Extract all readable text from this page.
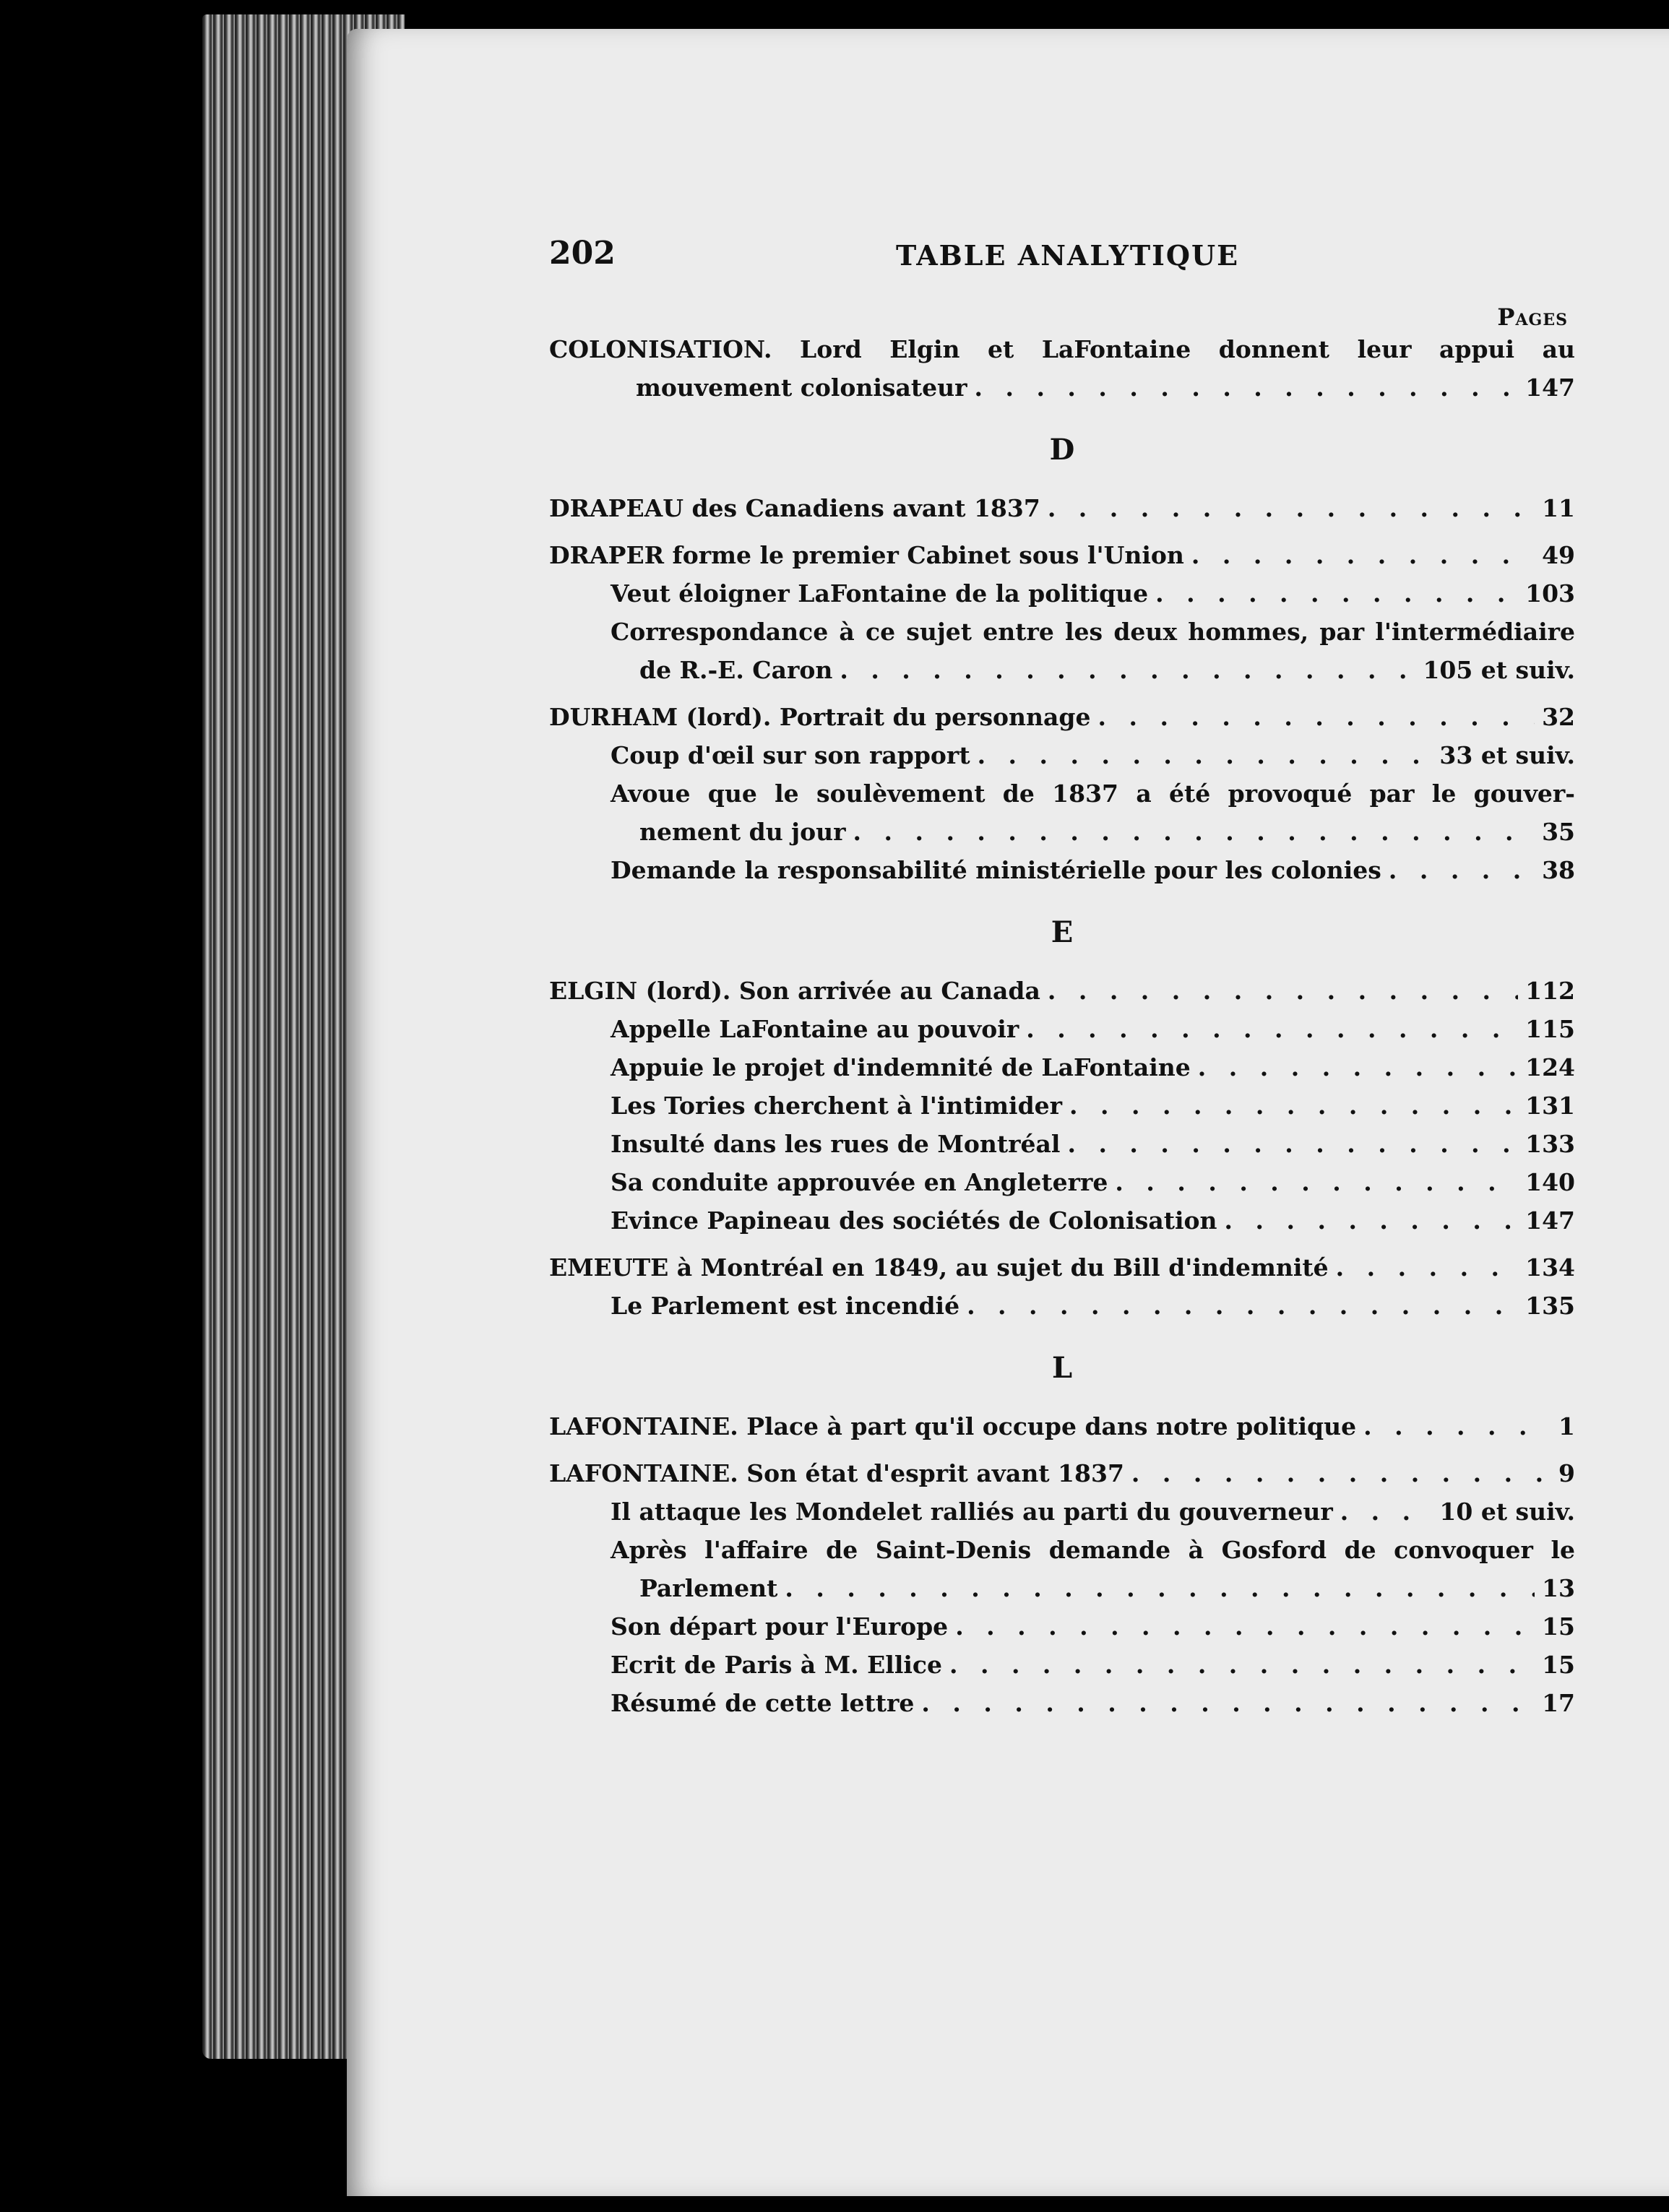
202	TABLE ANALYTIQUE
Pages
COLONISATION. Lord Elgin et LaFontaine donnent leur appui au
mouvement colonisateur . . .	147
D
DRAPEAU des Canadiens avant 1837 . . .	11
DRAPER forme le premier Cabinet sous l'Union . . .	49
Veut éloigner LaFontaine de la politique . . .	103
Correspondance à ce sujet entre les deux hommes, par l'intermédiaire
de R.-E. Caron . . .	105 et suiv.
DURHAM (lord). Portrait du personnage . . .	32
Coup d'œil sur son rapport . . .	33 et suiv.
Avoue que le soulèvement de 1837 a été provoqué par le gouver-
nement du jour . . .	35
Demande la responsabilité ministérielle pour les colonies . . .	38
E
ELGIN (lord). Son arrivée au Canada . . .	112
Appelle LaFontaine au pouvoir . . .	115
Appuie le projet d'indemnité de LaFontaine . . .	124
Les Tories cherchent à l'intimider . . .	131
Insulté dans les rues de Montréal . . .	133
Sa conduite approuvée en Angleterre . . .	140
Evince Papineau des sociétés de Colonisation . . .	147
EMEUTE à Montréal en 1849, au sujet du Bill d'indemnité . . .	134
Le Parlement est incendié . . .	135
L
LAFONTAINE. Place à part qu'il occupe dans notre politique . . .	1
LAFONTAINE. Son état d'esprit avant 1837 . . .	9
Il attaque les Mondelet ralliés au parti du gouverneur . . .	10 et suiv.
Après l'affaire de Saint-Denis demande à Gosford de convoquer le
Parlement . . .	13
Son départ pour l'Europe . . .	15
Ecrit de Paris à M. Ellice . . .	15
Résumé de cette lettre . . .	17
